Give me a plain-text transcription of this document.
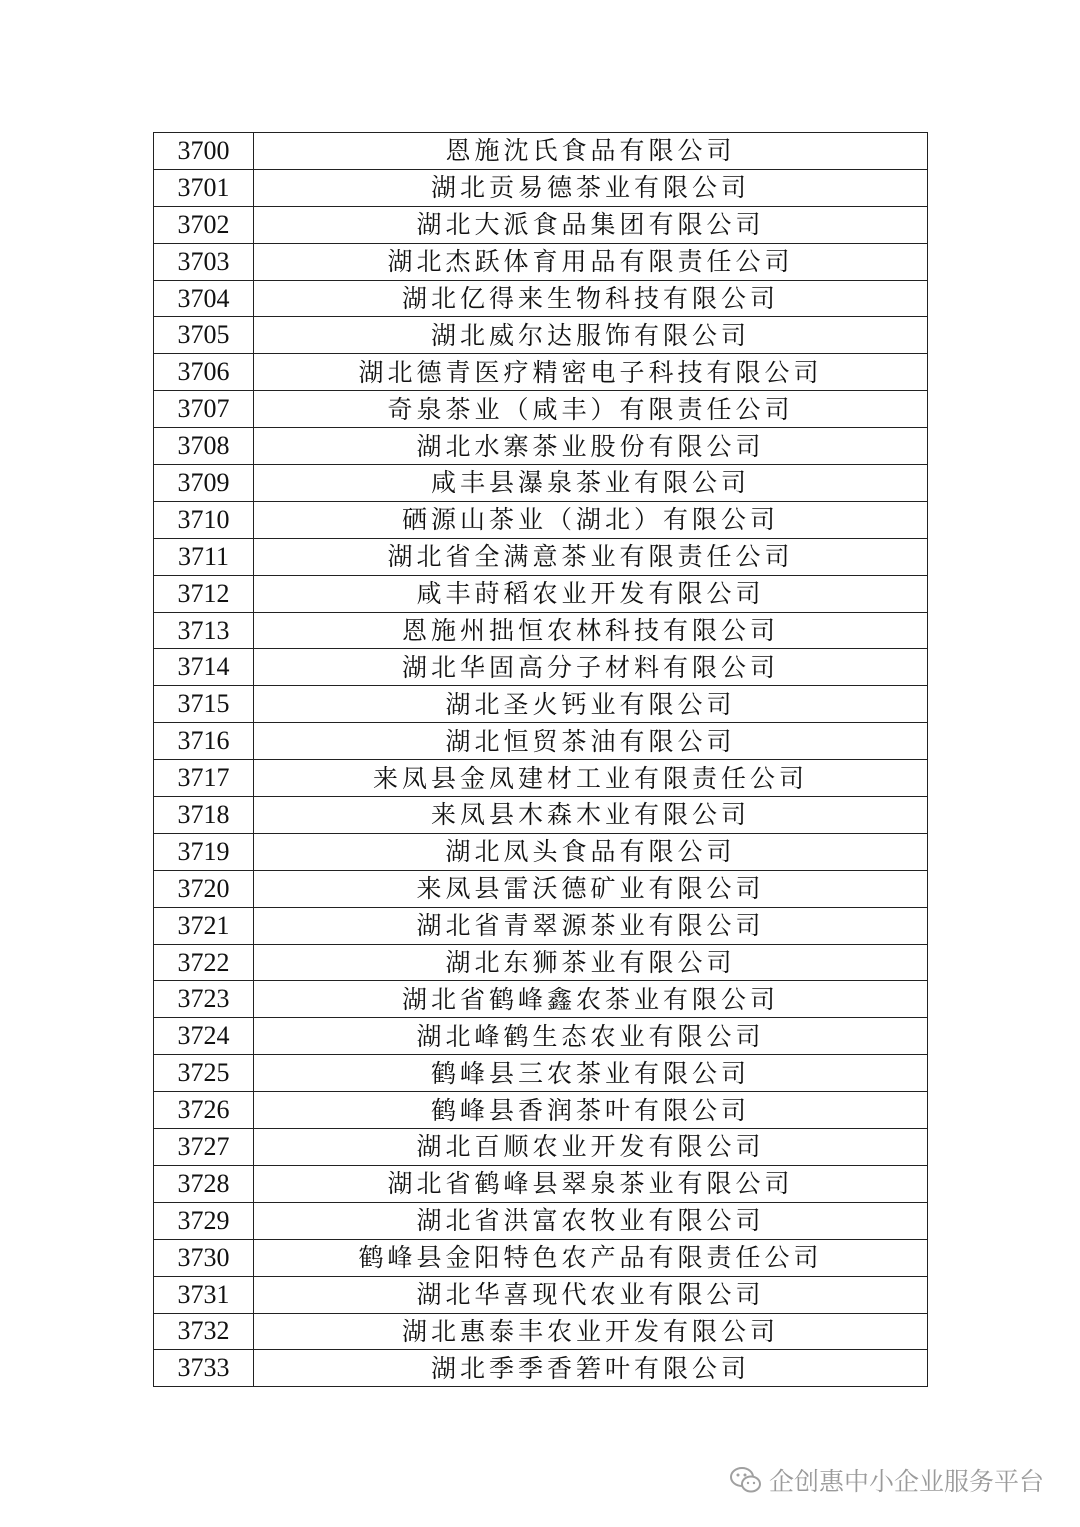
3700	恩施沈氏食品有限公司
3701	湖北贡易德茶业有限公司
3702	湖北大派食品集团有限公司
3703	湖北杰跃体育用品有限责任公司
3704	湖北亿得来生物科技有限公司
3705	湖北威尔达服饰有限公司
3706	湖北德青医疗精密电子科技有限公司
3707	奇泉茶业（咸丰）有限责任公司
3708	湖北水寨茶业股份有限公司
3709	咸丰县瀑泉茶业有限公司
3710	硒源山茶业（湖北）有限公司
3711	湖北省全满意茶业有限责任公司
3712	咸丰莳稻农业开发有限公司
3713	恩施州拙恒农林科技有限公司
3714	湖北华固高分子材料有限公司
3715	湖北圣火钙业有限公司
3716	湖北恒贸茶油有限公司
3717	来凤县金凤建材工业有限责任公司
3718	来凤县木森木业有限公司
3719	湖北凤头食品有限公司
3720	来凤县雷沃德矿业有限公司
3721	湖北省青翠源茶业有限公司
3722	湖北东狮茶业有限公司
3723	湖北省鹤峰鑫农茶业有限公司
3724	湖北峰鹤生态农业有限公司
3725	鹤峰县三农茶业有限公司
3726	鹤峰县香润茶叶有限公司
3727	湖北百顺农业开发有限公司
3728	湖北省鹤峰县翠泉茶业有限公司
3729	湖北省洪富农牧业有限公司
3730	鹤峰县金阳特色农产品有限责任公司
3731	湖北华喜现代农业有限公司
3732	湖北惠泰丰农业开发有限公司
3733	湖北季季香箬叶有限公司
企创惠中小企业服务平台
